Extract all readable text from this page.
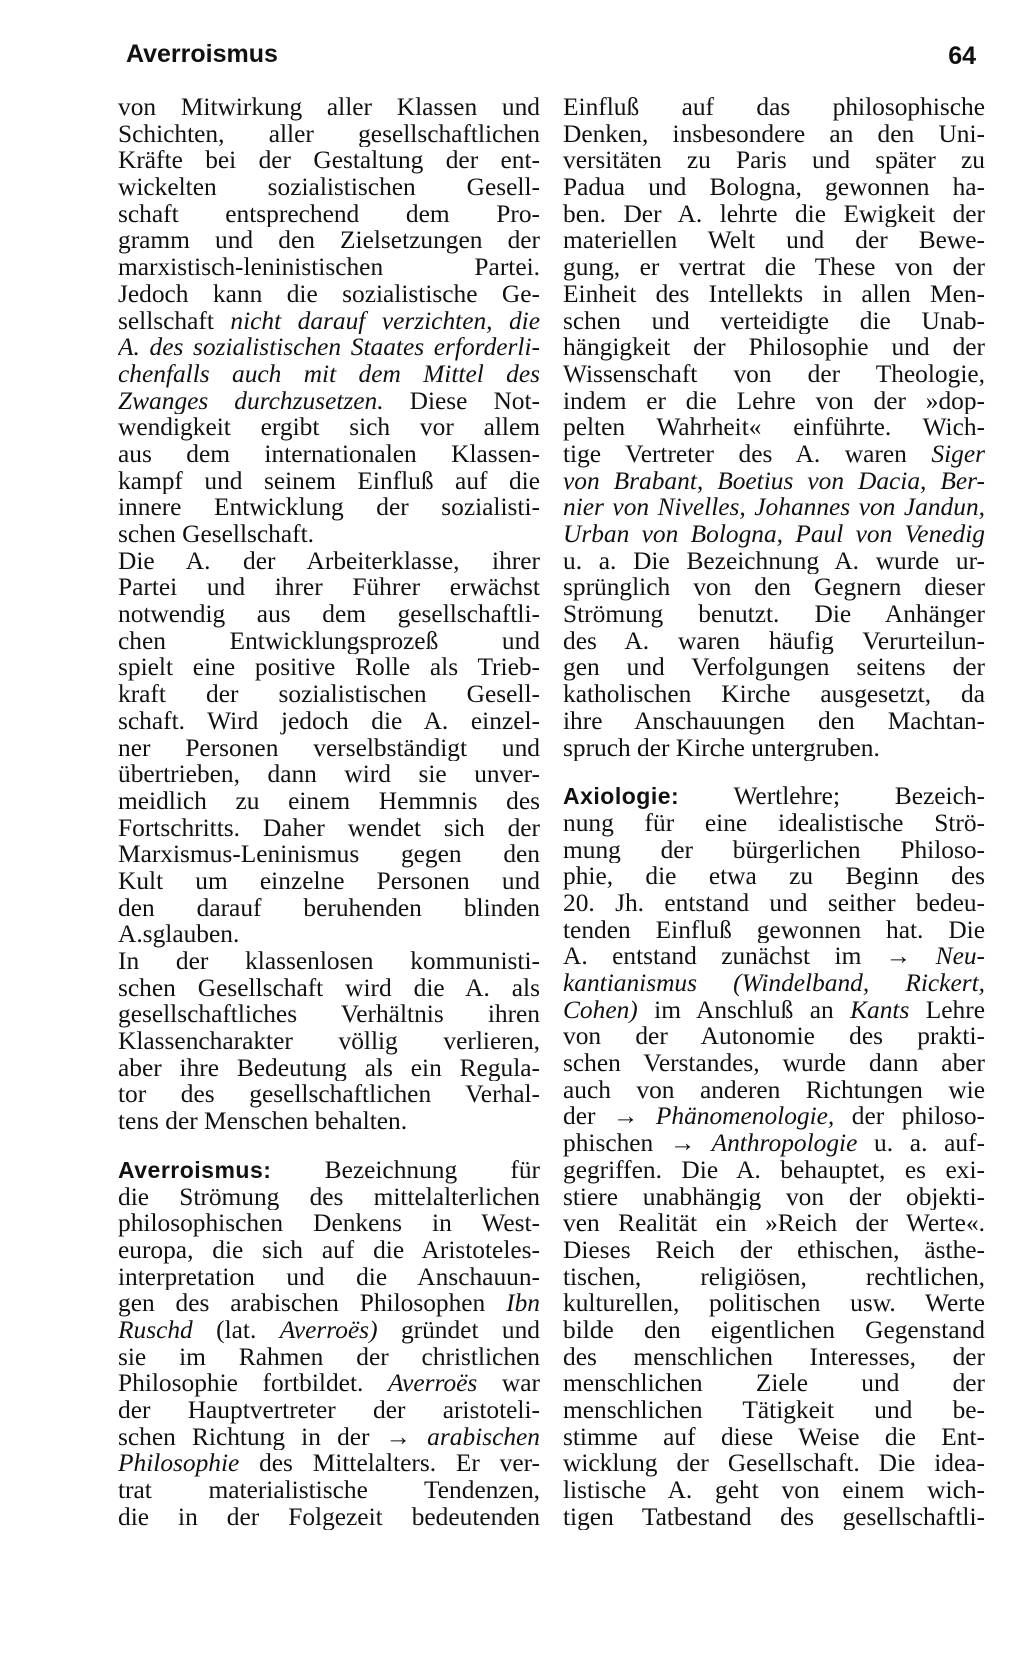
Averroismus	64
von Mitwirkung aller Klassen und
Schichten, aller gesellschaftlichen
Kräfte bei der Gestaltung der ent-
wickelten sozialistischen Gesell-
schaft entsprechend dem Pro-
gramm und den Zielsetzungen der
marxistisch-leninistischen Partei.
Jedoch kann die sozialistische Ge-
sellschaft nicht darauf verzichten, die
A. des sozialistischen Staates erforderli-
chenfalls auch mit dem Mittel des
Zwanges durchzusetzen. Diese Not-
wendigkeit ergibt sich vor allem
aus dem internationalen Klassen-
kampf und seinem Einfluß auf die
innere Entwicklung der sozialisti-
schen Gesellschaft.
Die A. der Arbeiterklasse, ihrer
Partei und ihrer Führer erwächst
notwendig aus dem gesellschaftli-
chen Entwicklungsprozeß und
spielt eine positive Rolle als Trieb-
kraft der sozialistischen Gesell-
schaft. Wird jedoch die A. einzel-
ner Personen verselbständigt und
übertrieben, dann wird sie unver-
meidlich zu einem Hemmnis des
Fortschritts. Daher wendet sich der
Marxismus-Leninismus gegen den
Kult um einzelne Personen und
den darauf beruhenden blinden
A.sglauben.
In der klassenlosen kommunisti-
schen Gesellschaft wird die A. als
gesellschaftliches Verhältnis ihren
Klassencharakter völlig verlieren,
aber ihre Bedeutung als ein Regula-
tor des gesellschaftlichen Verhal-
tens der Menschen behalten.
Averroismus: Bezeichnung für
die Strömung des mittelalterlichen
philosophischen Denkens in West-
europa, die sich auf die Aristoteles-
interpretation und die Anschauun-
gen des arabischen Philosophen Ibn
Ruschd (lat. Averroës) gründet und
sie im Rahmen der christlichen
Philosophie fortbildet. Averroës war
der Hauptvertreter der aristoteli-
schen Richtung in der → arabischen
Philosophie des Mittelalters. Er ver-
trat materialistische Tendenzen,
die in der Folgezeit bedeutenden
Einfluß auf das philosophische
Denken, insbesondere an den Uni-
versitäten zu Paris und später zu
Padua und Bologna, gewonnen ha-
ben. Der A. lehrte die Ewigkeit der
materiellen Welt und der Bewe-
gung, er vertrat die These von der
Einheit des Intellekts in allen Men-
schen und verteidigte die Unab-
hängigkeit der Philosophie und der
Wissenschaft von der Theologie,
indem er die Lehre von der »dop-
pelten Wahrheit« einführte. Wich-
tige Vertreter des A. waren Siger
von Brabant, Boetius von Dacia, Ber-
nier von Nivelles, Johannes von Jandun,
Urban von Bologna, Paul von Venedig
u. a. Die Bezeichnung A. wurde ur-
sprünglich von den Gegnern dieser
Strömung benutzt. Die Anhänger
des A. waren häufig Verurteilun-
gen und Verfolgungen seitens der
katholischen Kirche ausgesetzt, da
ihre Anschauungen den Machtan-
spruch der Kirche untergruben.
Axiologie: Wertlehre; Bezeich-
nung für eine idealistische Strö-
mung der bürgerlichen Philoso-
phie, die etwa zu Beginn des
20. Jh. entstand und seither bedeu-
tenden Einfluß gewonnen hat. Die
A. entstand zunächst im → Neu-
kantianismus (Windelband, Rickert,
Cohen) im Anschluß an Kants Lehre
von der Autonomie des prakti-
schen Verstandes, wurde dann aber
auch von anderen Richtungen wie
der → Phänomenologie, der philoso-
phischen → Anthropologie u. a. auf-
gegriffen. Die A. behauptet, es exi-
stiere unabhängig von der objekti-
ven Realität ein »Reich der Werte«.
Dieses Reich der ethischen, ästhe-
tischen, religiösen, rechtlichen,
kulturellen, politischen usw. Werte
bilde den eigentlichen Gegenstand
des menschlichen Interesses, der
menschlichen Ziele und der
menschlichen Tätigkeit und be-
stimme auf diese Weise die Ent-
wicklung der Gesellschaft. Die idea-
listische A. geht von einem wich-
tigen Tatbestand des gesellschaftli-
